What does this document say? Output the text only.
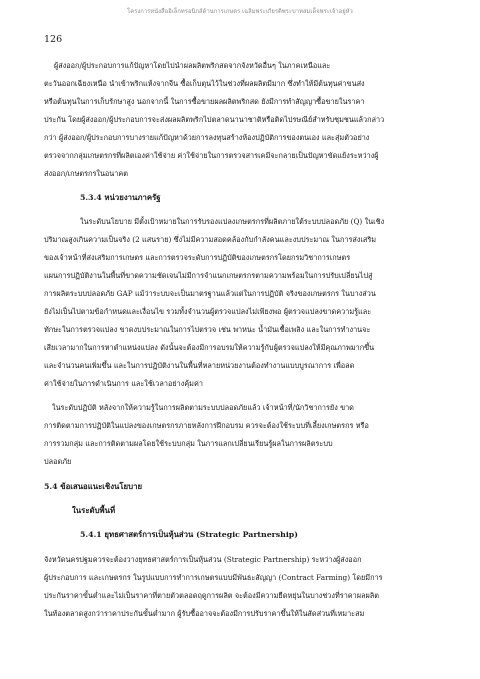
โครงการหนังสืออิเล็กทรอนิกส์ด้านการเกษตร เฉลิมพระเกียรติพระบาทสมเด็จพระเจ้าอยู่หัว
126
ผู้ส่งออก/ผู้ประกอบการแก้ปัญหาโดยไปนำผลผลิตพริกสดจากจังหวัดอื่นๆ ในภาคเหนือและ
ตะวันออกเฉียงเหนือ นำเข้าพริกแห้งจากจีน ซื้อเก็บตุนไว้ในช่วงที่ผลผลิตมีมาก ซึ่งทำให้มีต้นทุนค่าขนส่ง
หรือต้นทุนในการเก็บรักษาสูง นอกจากนี้ ในการซื้อขายผลผลิตพริกสด ยังมีการทำสัญญาซื้อขายในราคา
ประกัน โดยผู้ส่งออก/ผู้ประกอบการจะส่งผลผลิตพริกไปตลาดนานาชาติหรือติดไปรษณีย์สำหรับชุมชนแล้วกล่าว
กว่า ผู้ส่งออก/ผู้ประกอบการบางรายแก้ปัญหาด้วยการลงทุนสร้างห้องปฏิบัติการของตนเอง และสุ่มตัวอย่าง
ตรวจจากกลุ่มเกษตรกรที่ผลิตเองค่าใช้จ่าย ค่าใช้จ่ายในการตรวจสารเคมีจะกลายเป็นปัญหาขัดแย้งระหว่างผู้
ส่งออก/เกษตรกรในอนาคต
5.3.4 หน่วยงานภาครัฐ
ในระดับนโยบาย มีตั้งเป้าหมายในการรับรองแปลงเกษตรกรที่ผลิตภายใต้ระบบปลอดภัย (Q) ในเชิง
ปริมาณสูงเกินความเป็นจริง (2 แสนราย) ซึ่งไม่มีความสอดคล้องกับกำลังคนและงบประมาณ ในการส่งเสริม
ของเจ้าหน้าที่ส่งเสริมการเกษตร และการตรวจระดับการปฏิบัติของเกษตรกรโดยกรมวิชาการเกษตร
แผนการปฏิบัติงานในพื้นที่ขาดความชัดเจนไม่มีการจำแนกเกษตรกรตามความพร้อมในการปรับเปลี่ยนไปสู่
การผลิตระบบปลอดภัย GAP แม้ว่าระบบจะเป็นมาตรฐานแล้วแต่ในการปฏิบัติ จริงของเกษตรกร ในบางส่วน
ยังไม่เป็นไปตามข้อกำหนดและเงื่อนไข รวมทั้งจำนวนผู้ตรวจแปลงไม่เพียงพอ ผู้ตรวจแปลงขาดความรู้และ
ทักษะในการตรวจแปลง ขาดงบประมาณในการไปตรวจ เช่น พาหนะ น้ำมันเชื้อเพลิง และในการทำงานจะ
เสียเวลามากในการหาตำแหน่งแปลง ดังนั้นจะต้องมีการอบรมให้ความรู้กับผู้ตรวจแปลงให้มีคุณภาพมากขึ้น
และจำนวนคนเพิ่มขึ้น และในการปฏิบัติงานในพื้นที่หลายหน่วยงานต้องทำงานแบบบูรณาการ เพื่อลด
ค่าใช้จ่ายในการดำเนินการ และใช้เวลาอย่างคุ้มค่า
ในระดับปฏิบัติ หลังจากให้ความรู้ในการผลิตตามระบบปลอดภัยแล้ว เจ้าหน้าที่/นักวิชาการยัง ขาด
การติดตามการปฏิบัติในแปลงของเกษตรกรภายหลังการฝึกอบรม ควรจะต้องใช้ระบบที่เลี้ยงเกษตรกร หรือ
การรวมกลุ่ม และการติดตามผลโดยใช้ระบบกลุ่ม ในการแลกเปลี่ยนเรียนรู้ผลในการผลิตระบบ
ปลอดภัย
5.4 ข้อเสนอแนะเชิงนโยบาย
ในระดับพื้นที่
5.4.1 ยุทธศาสตร์การเป็นหุ้นส่วน (Strategic Partnership)
จังหวัดนครปฐมควรจะต้องวางยุทธศาสตร์การเป็นหุ้นส่วน (Strategic Partnership) ระหว่างผู้ส่งออก
ผู้ประกอบการ และเกษตรกร ในรูปแบบการทำการเกษตรแบบมีพันธะสัญญา (Contract Farming) โดยมีการ
ประกันราคาขั้นต่ำและไม่เป็นราคาที่ตายตัวตลอดฤดูการผลิต จะต้องมีความยืดหยุ่นในบางช่วงที่ราคาผลผลิต
ในท้องตลาดสูงกว่าราคาประกันขั้นต่ำมาก ผู้รับซื้ออาจจะต้องมีการปรับราคาขึ้นให้ในสัดส่วนที่เหมาะสม
